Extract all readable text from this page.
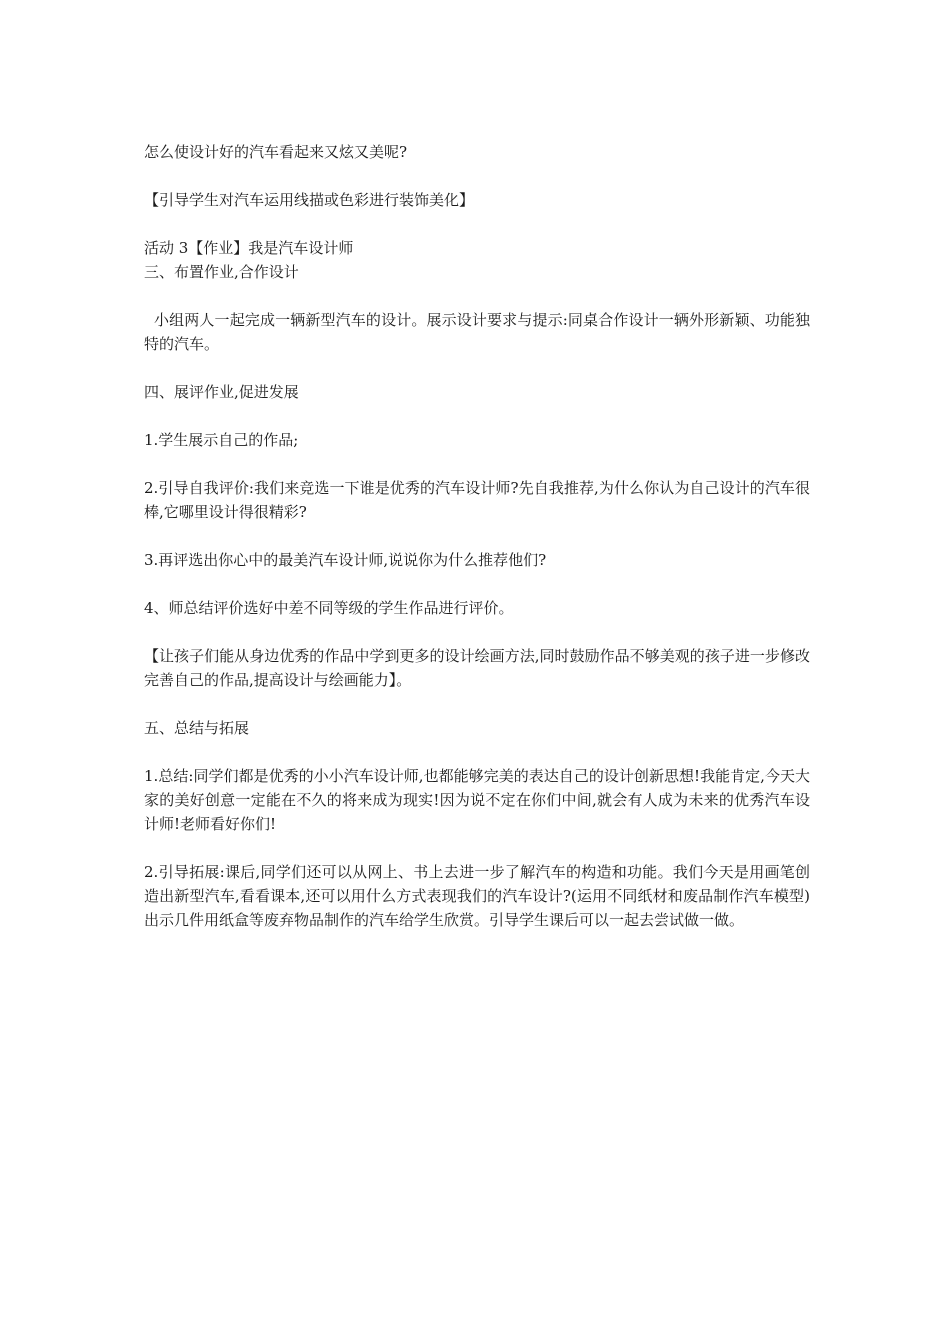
怎么使设计好的汽车看起来又炫又美呢?

【引导学生对汽车运用线描或色彩进行装饰美化】

活动 3【作业】我是汽车设计师

三、布置作业,合作设计

小组两人一起完成一辆新型汽车的设计。展示设计要求与提示:同桌合作设计一辆外形新颖、功能独特的汽车。

四、展评作业,促进发展

1.学生展示自己的作品;

2.引导自我评价:我们来竞选一下谁是优秀的汽车设计师?先自我推荐,为什么你认为自己设计的汽车很棒,它哪里设计得很精彩?

3.再评选出你心中的最美汽车设计师,说说你为什么推荐他们?

4、师总结评价选好中差不同等级的学生作品进行评价。

【让孩子们能从身边优秀的作品中学到更多的设计绘画方法,同时鼓励作品不够美观的孩子进一步修改完善自己的作品,提高设计与绘画能力】。

五、总结与拓展

1.总结:同学们都是优秀的小小汽车设计师,也都能够完美的表达自己的设计创新思想!我能肯定,今天大家的美好创意一定能在不久的将来成为现实!因为说不定在你们中间,就会有人成为未来的优秀汽车设计师!老师看好你们!

2.引导拓展:课后,同学们还可以从网上、书上去进一步了解汽车的构造和功能。我们今天是用画笔创造出新型汽车,看看课本,还可以用什么方式表现我们的汽车设计?(运用不同纸材和废品制作汽车模型)出示几件用纸盒等废弃物品制作的汽车给学生欣赏。引导学生课后可以一起去尝试做一做。
